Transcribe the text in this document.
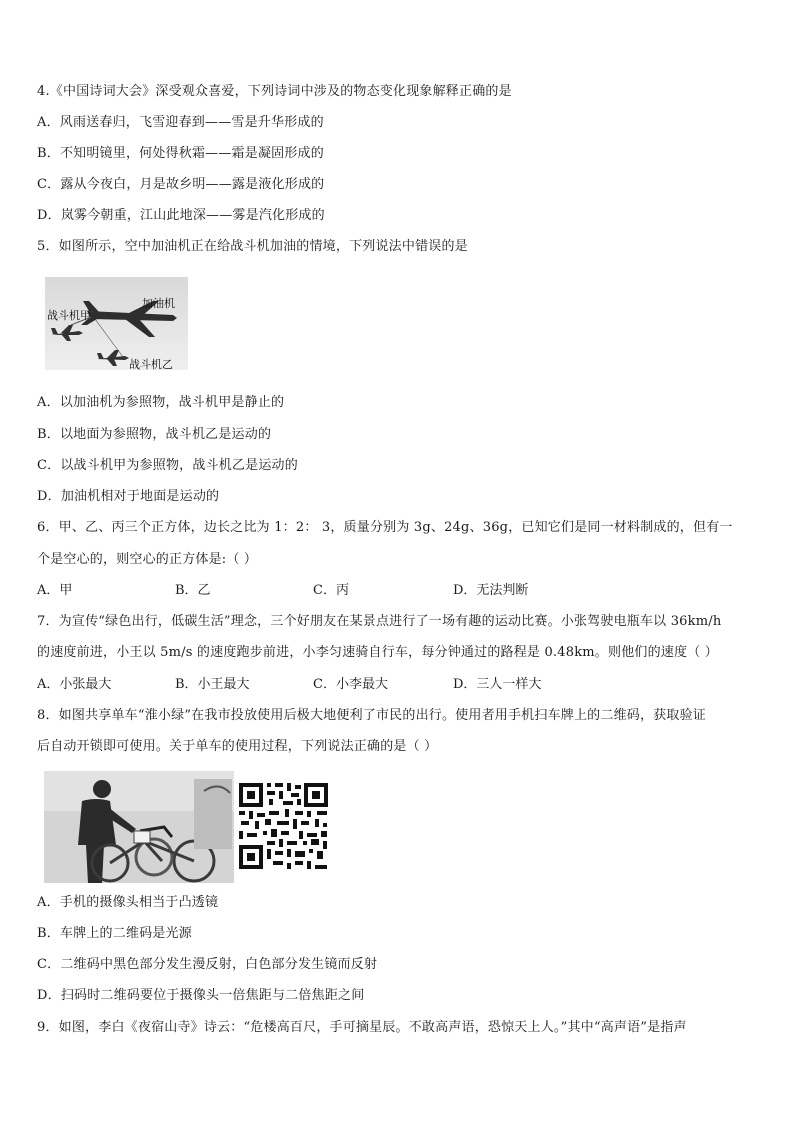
4.《中国诗词大会》深受观众喜爱，下列诗词中涉及的物态变化现象解释正确的是
A．风雨送春归，飞雪迎春到——雪是升华形成的
B．不知明镜里，何处得秋霜——霜是凝固形成的
C．露从今夜白，月是故乡明——露是液化形成的
D．岚雾今朝重，江山此地深——雾是汽化形成的
5．如图所示，空中加油机正在给战斗机加油的情境，下列说法中错误的是
加油机
战斗机甲
战斗机乙
A．以加油机为参照物，战斗机甲是静止的
B．以地面为参照物，战斗机乙是运动的
C．以战斗机甲为参照物，战斗机乙是运动的
D．加油机相对于地面是运动的
6．甲、乙、丙三个正方体，边长之比为 1：2： 3，质量分别为 3g、24g、36g，已知它们是同一材料制成的，但有一
个是空心的，则空心的正方体是:（ ）
A．甲	B．乙	C．丙	D．无法判断
7．为宣传“绿色出行，低碳生活”理念，三个好朋友在某景点进行了一场有趣的运动比赛。小张驾驶电瓶车以 36km/h
的速度前进，小王以 5m/s 的速度跑步前进，小李匀速骑自行车，每分钟通过的路程是 0.48km。则他们的速度（ ）
A．小张最大	B．小王最大	C．小李最大	D．三人一样大
8．如图共享单车“淮小绿”在我市投放使用后极大地便利了市民的出行。使用者用手机扫车牌上的二维码，获取验证
后自动开锁即可使用。关于单车的使用过程，下列说法正确的是（ ）
A．手机的摄像头相当于凸透镜
B．车牌上的二维码是光源
C．二维码中黑色部分发生漫反射，白色部分发生镜而反射
D．扫码时二维码要位于摄像头一倍焦距与二倍焦距之间
9．如图，李白《夜宿山寺》诗云：“危楼高百尺，手可摘星辰。不敢高声语，恐惊天上人。”其中“高声语”是指声
